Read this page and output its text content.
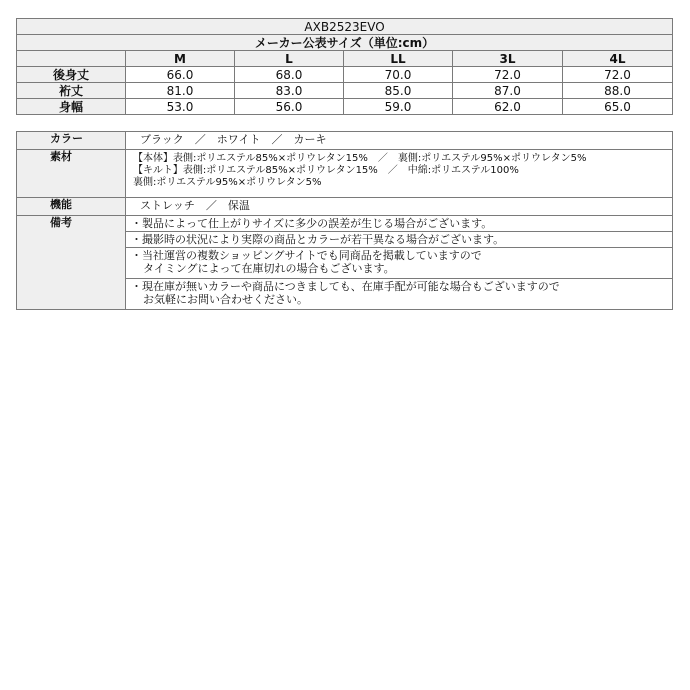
AXB2523EVO					
メーカー公表サイズ（単位:cm）					
	M	L	LL	3L	4L
後身丈	66.0	68.0	70.0	72.0	72.0
裄丈	81.0	83.0	85.0	87.0	88.0
身幅	53.0	56.0	59.0	62.0	65.0
カラー	ブラック　／　ホワイト　／　カーキ
素材	【本体】表側:ポリエステル85%×ポリウレタン15%　／　裏側:ポリエステル95%×ポリウレタン5%
【キルト】表側:ポリエステル85%×ポリウレタン15%　／　中綿:ポリエステル100%
裏側:ポリエステル95%×ポリウレタン5%

機能	ストレッチ　／　保温
備考	・製品によって仕上がりサイズに多少の誤差が生じる場合がございます。

	・撮影時の状況により実際の商品とカラーが若干異なる場合がございます。

	・当社運営の複数ショッピングサイトでも同商品を掲載していますので
タイミングによって在庫切れの場合もございます。

	・現在庫が無いカラーや商品につきましても、在庫手配が可能な場合もございますので
お気軽にお問い合わせください。
